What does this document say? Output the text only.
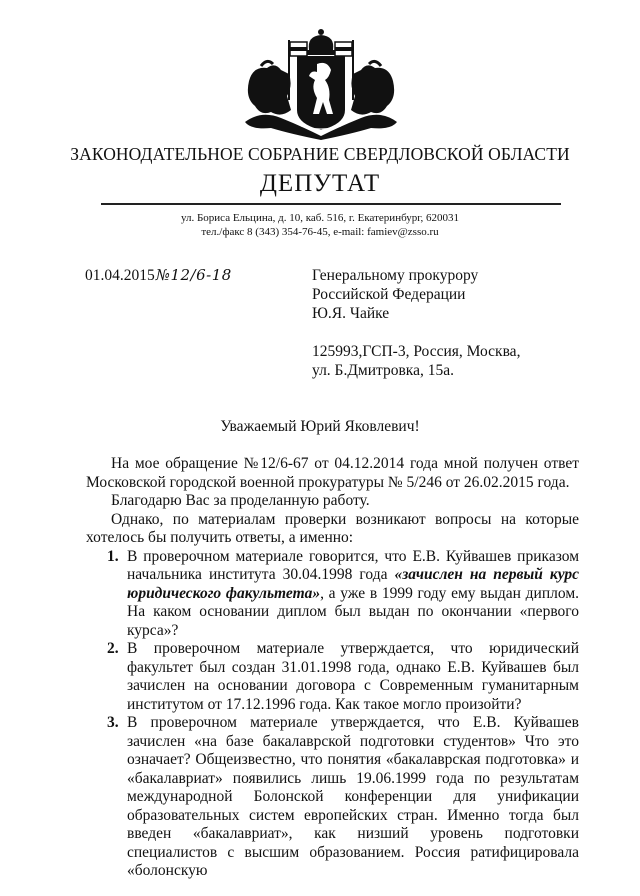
ЗАКОНОДАТЕЛЬНОЕ СОБРАНИЕ СВЕРДЛОВСКОЙ ОБЛАСТИ
ДЕПУТАТ
ул. Бориса Ельцина, д. 10, каб. 516, г. Екатеринбург, 620031
тел./факс 8 (343) 354-76-45, e-mail: famiev@zsso.ru
01.04.2015№12/6-18	Генеральному прокурору
Российской Федерации
Ю.Я. Чайке
125993,ГСП-3, Россия, Москва,
ул. Б.Дмитровка, 15а.
Уважаемый Юрий Яковлевич!

На мое обращение №12/6-67 от 04.12.2014 года мной получен ответ Московской городской военной прокуратуры № 5/246 от 26.02.2015 года.

Благодарю Вас за проделанную работу.

Однако, по материалам проверки возникают вопросы на которые хотелось бы получить ответы, а именно:

1. В проверочном материале говорится, что Е.В. Куйвашев приказом начальника института 30.04.1998 года «зачислен на первый курс юридического факультета», а уже в 1999 году ему выдан диплом. На каком основании диплом был выдан по окончании «первого курса»?
2. В проверочном материале утверждается, что юридический факультет был создан 31.01.1998 года, однако Е.В. Куйвашев был зачислен на основании договора с Современным гуманитарным институтом от 17.12.1996 года. Как такое могло произойти?
3. В проверочном материале утверждается, что Е.В. Куйвашев зачислен «на базе бакалаврской подготовки студентов» Что это означает? Общеизвестно, что понятия «бакалаврская подготовка» и «бакалавриат» появились лишь 19.06.1999 года по результатам международной Болонской конференции для унификации образовательных систем европейских стран. Именно тогда был введен «бакалавриат», как низший уровень подготовки специалистов с высшим образованием. Россия ратифицировала «болонскую
